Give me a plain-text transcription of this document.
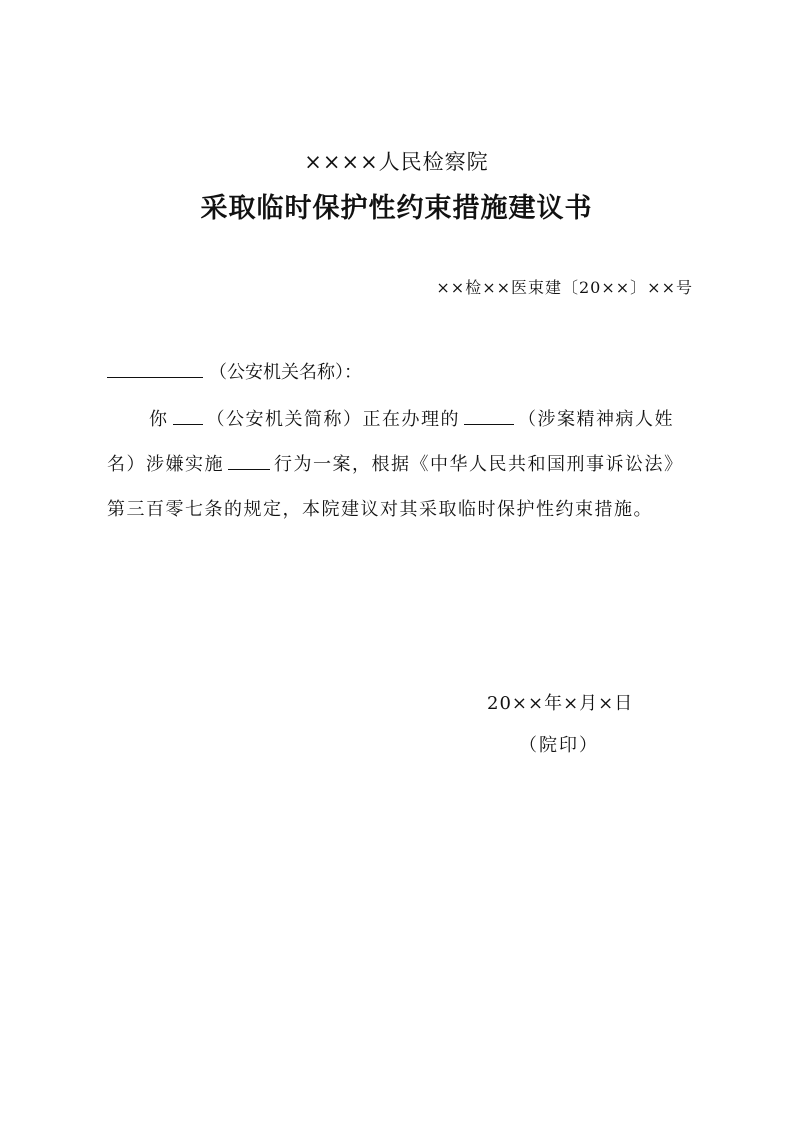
××××人民检察院
采取临时保护性约束措施建议书
××检××医束建〔20××〕××号
（公安机关名称）：
你 （公安机关简称）正在办理的	（涉案精神病人姓
名）涉嫌实施	行为一案，根据《中华人民共和国刑事诉讼法》
第三百零七条的规定，本院建议对其采取临时保护性约束措施。
20××年×月×日
（院印）
